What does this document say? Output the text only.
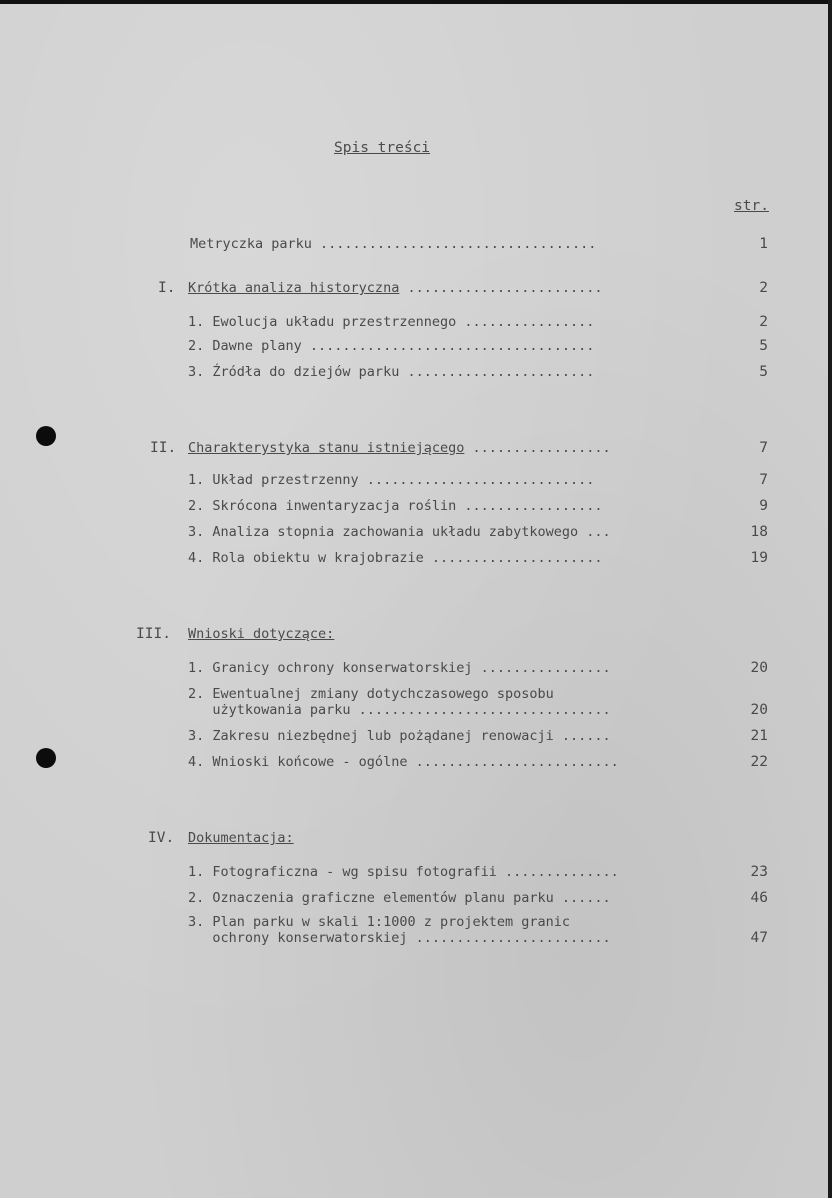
Spis treści
str.
Metryczka parku ..................................	1
I. Krótka analiza historyczna ........................	2
1. Ewolucja układu przestrzennego ................	2
2. Dawne plany ...................................	5
3. Źródła do dziejów parku .......................	5
II. Charakterystyka stanu istniejącego .................	7
1. Układ przestrzenny ............................	7
2. Skrócona inwentaryzacja roślin .................	9
3. Analiza stopnia zachowania układu zabytkowego ...	18
4. Rola obiektu w krajobrazie .....................	19
III. Wnioski dotyczące:
1. Granicy ochrony konserwatorskiej ................	20
2. Ewentualnej zmiany dotychczasowego sposobu
użytkowania parku ...............................	20
3. Zakresu niezbędnej lub pożądanej renowacji ......	21
4. Wnioski końcowe - ogólne .........................	22
IV. Dokumentacja:
1. Fotograficzna - wg spisu fotografii ..............	23
2. Oznaczenia graficzne elementów planu parku ......	46
3. Plan parku w skali 1:1000 z projektem granic
ochrony konserwatorskiej ........................	47
